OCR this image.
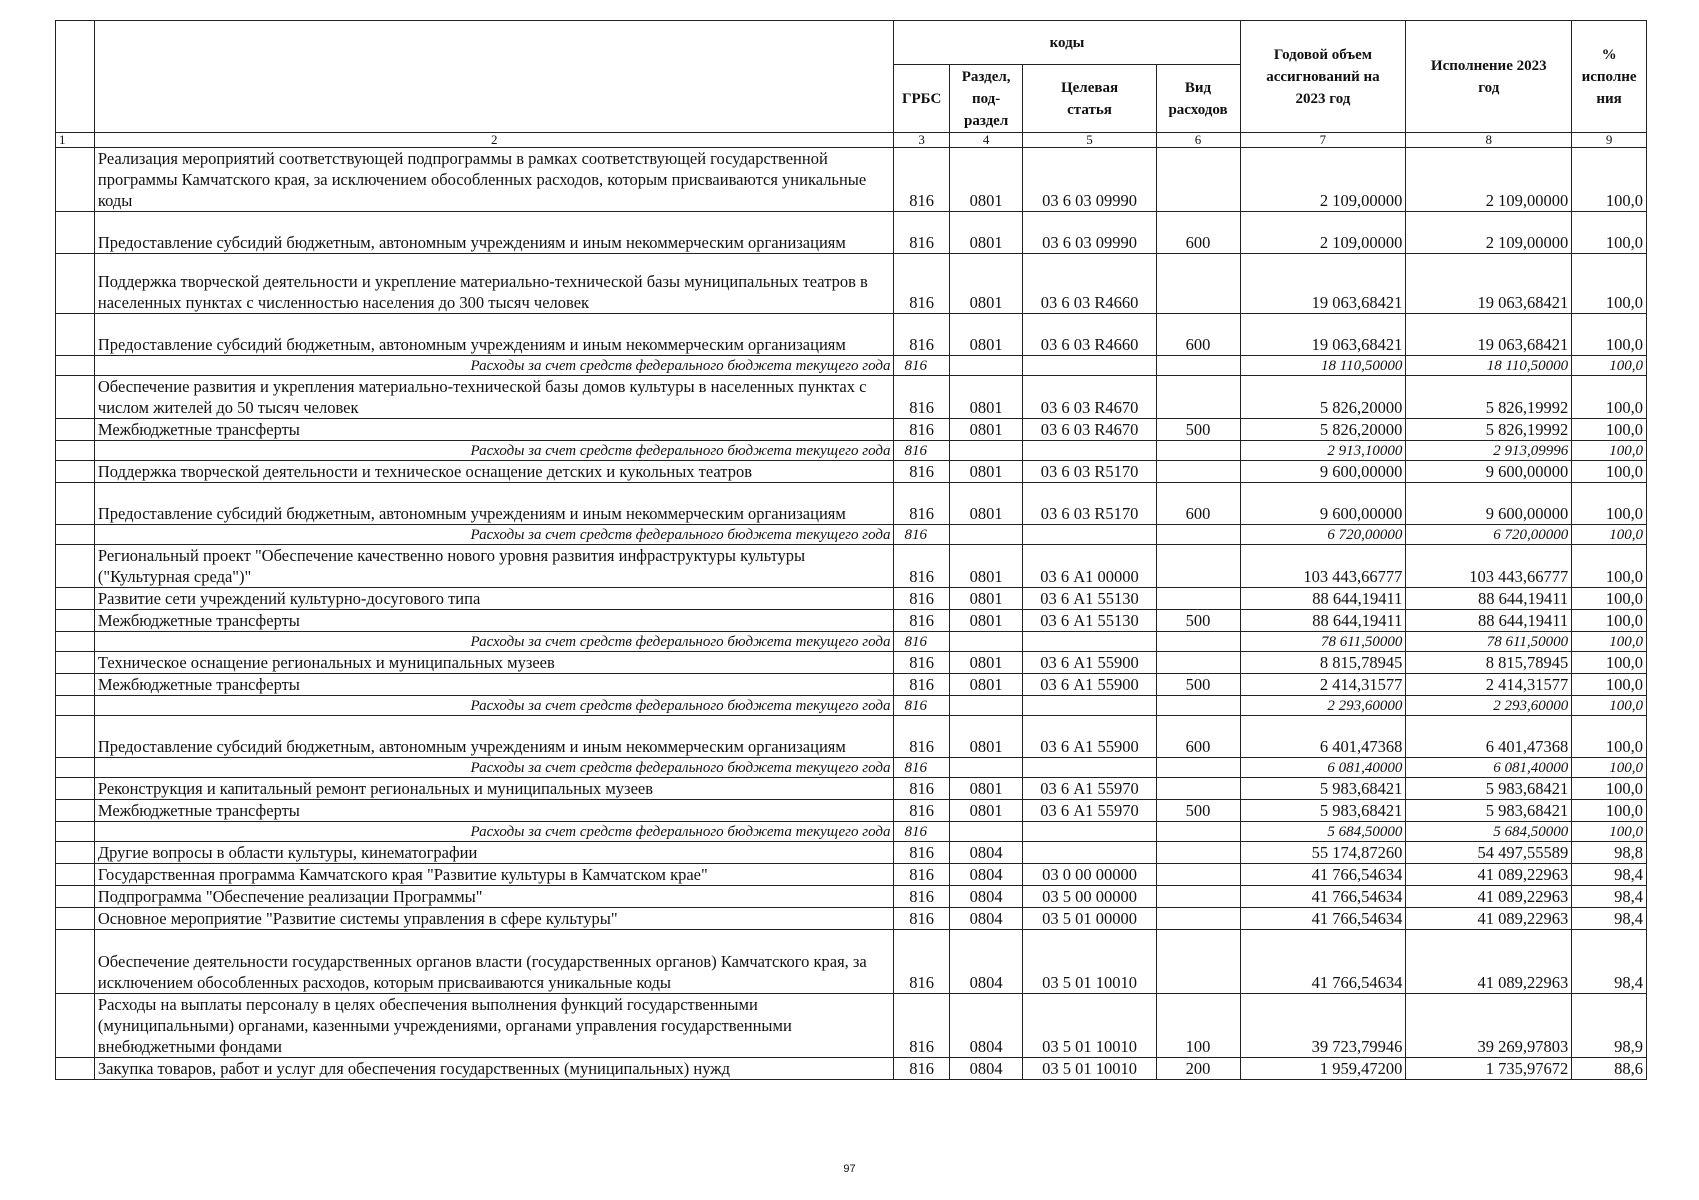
		коды				Годовой объем ассигнований на 2023 год	Исполнение 2023 год	% исполне ния
		ГРБС	Раздел, под-раздел	Целевая статья	Вид расходов			
1	2	3	4	5	6	7	8	9
	Реализация мероприятий соответствующей подпрограммы в рамках соответствующей государственной программы Камчатского края, за исключением обособленных расходов, которым присваиваются уникальные коды	816	0801	03 6 03 09990		2 109,00000	2 109,00000	100,0
	Предоставление субсидий бюджетным, автономным учреждениям и иным некоммерческим организациям	816	0801	03 6 03 09990	600	2 109,00000	2 109,00000	100,0
	Поддержка творческой деятельности и укрепление материально-технической базы муниципальных театров в населенных пунктах с численностью населения до 300 тысяч человек	816	0801	03 6 03 R4660		19 063,68421	19 063,68421	100,0
	Предоставление субсидий бюджетным, автономным учреждениям и иным некоммерческим организациям	816	0801	03 6 03 R4660	600	19 063,68421	19 063,68421	100,0
	Расходы за счет средств федерального бюджета текущего года	816				18 110,50000	18 110,50000	100,0
	Обеспечение развития и укрепления материально-технической базы домов культуры в населенных пунктах с числом жителей до 50 тысяч человек	816	0801	03 6 03 R4670		5 826,20000	5 826,19992	100,0
	Межбюджетные трансферты	816	0801	03 6 03 R4670	500	5 826,20000	5 826,19992	100,0
	Расходы за счет средств федерального бюджета текущего года	816				2 913,10000	2 913,09996	100,0
	Поддержка творческой деятельности и техническое оснащение детских и кукольных театров	816	0801	03 6 03 R5170		9 600,00000	9 600,00000	100,0
	Предоставление субсидий бюджетным, автономным учреждениям и иным некоммерческим организациям	816	0801	03 6 03 R5170	600	9 600,00000	9 600,00000	100,0
	Расходы за счет средств федерального бюджета текущего года	816				6 720,00000	6 720,00000	100,0
	Региональный проект "Обеспечение качественно нового уровня развития инфраструктуры культуры ("Культурная среда")"	816	0801	03 6 А1 00000		103 443,66777	103 443,66777	100,0
	Развитие сети учреждений культурно-досугового типа	816	0801	03 6 А1 55130		88 644,19411	88 644,19411	100,0
	Межбюджетные трансферты	816	0801	03 6 А1 55130	500	88 644,19411	88 644,19411	100,0
	Расходы за счет средств федерального бюджета текущего года	816				78 611,50000	78 611,50000	100,0
	Техническое оснащение региональных и муниципальных музеев	816	0801	03 6 А1 55900		8 815,78945	8 815,78945	100,0
	Межбюджетные трансферты	816	0801	03 6 А1 55900	500	2 414,31577	2 414,31577	100,0
	Расходы за счет средств федерального бюджета текущего года	816				2 293,60000	2 293,60000	100,0
	Предоставление субсидий бюджетным, автономным учреждениям и иным некоммерческим организациям	816	0801	03 6 А1 55900	600	6 401,47368	6 401,47368	100,0
	Расходы за счет средств федерального бюджета текущего года	816				6 081,40000	6 081,40000	100,0
	Реконструкция и капитальный ремонт региональных и муниципальных музеев	816	0801	03 6 А1 55970		5 983,68421	5 983,68421	100,0
	Межбюджетные трансферты	816	0801	03 6 А1 55970	500	5 983,68421	5 983,68421	100,0
	Расходы за счет средств федерального бюджета текущего года	816				5 684,50000	5 684,50000	100,0
	Другие вопросы в области культуры, кинематографии	816	0804			55 174,87260	54 497,55589	98,8
	Государственная программа Камчатского края "Развитие культуры в Камчатском крае"	816	0804	03 0 00 00000		41 766,54634	41 089,22963	98,4
	Подпрограмма "Обеспечение реализации Программы"	816	0804	03 5 00 00000		41 766,54634	41 089,22963	98,4
	Основное мероприятие "Развитие системы управления в сфере культуры"	816	0804	03 5 01 00000		41 766,54634	41 089,22963	98,4
	Обеспечение деятельности государственных органов власти (государственных органов) Камчатского края, за исключением обособленных расходов, которым присваиваются уникальные коды	816	0804	03 5 01 10010		41 766,54634	41 089,22963	98,4
	Расходы на выплаты персоналу в целях обеспечения выполнения функций государственными (муниципальными) органами, казенными учреждениями, органами управления государственными внебюджетными фондами	816	0804	03 5 01 10010	100	39 723,79946	39 269,97803	98,9
	Закупка товаров, работ и услуг для обеспечения государственных (муниципальных) нужд	816	0804	03 5 01 10010	200	1 959,47200	1 735,97672	88,6
97
